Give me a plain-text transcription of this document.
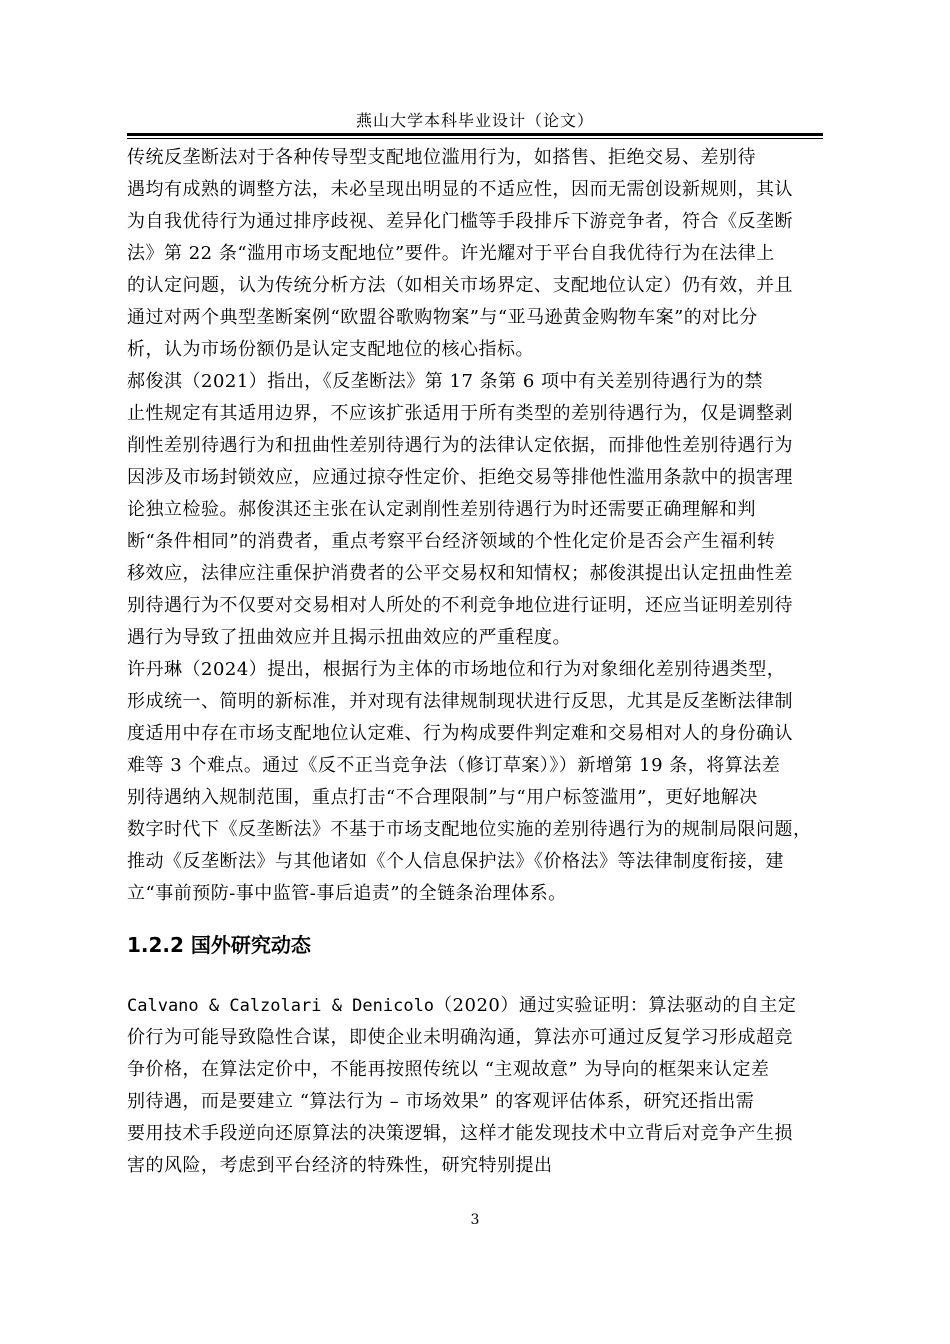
燕山大学本科毕业设计（论文）

传统反垄断法对于各种传导型支配地位滥用行为，如搭售、拒绝交易、差别待
遇均有成熟的调整方法，未必呈现出明显的不适应性，因而无需创设新规则，其认
为自我优待行为通过排序歧视、差异化门槛等手段排斥下游竞争者，符合《反垄断
法》第 22 条“滥用市场支配地位”要件。许光耀对于平台自我优待行为在法律上
的认定问题，认为传统分析方法（如相关市场界定、支配地位认定）仍有效，并且
通过对两个典型垄断案例“欧盟谷歌购物案”与“亚马逊黄金购物车案”的对比分
析，认为市场份额仍是认定支配地位的核心指标。

郝俊淇（2021）指出，《反垄断法》第 17 条第 6 项中有关差别待遇行为的禁
止性规定有其适用边界，不应该扩张适用于所有类型的差别待遇行为，仅是调整剥
削性差别待遇行为和扭曲性差别待遇行为的法律认定依据，而排他性差别待遇行为
因涉及市场封锁效应，应通过掠夺性定价、拒绝交易等排他性滥用条款中的损害理
论独立检验。郝俊淇还主张在认定剥削性差别待遇行为时还需要正确理解和判
断“条件相同”的消费者，重点考察平台经济领域的个性化定价是否会产生福利转
移效应，法律应注重保护消费者的公平交易权和知情权；郝俊淇提出认定扭曲性差
别待遇行为不仅要对交易相对人所处的不利竞争地位进行证明，还应当证明差别待
遇行为导致了扭曲效应并且揭示扭曲效应的严重程度。

许丹琳（2024）提出，根据行为主体的市场地位和行为对象细化差别待遇类型，
形成统一、简明的新标准，并对现有法律规制现状进行反思，尤其是反垄断法律制
度适用中存在市场支配地位认定难、行为构成要件判定难和交易相对人的身份确认
难等 3 个难点。通过《反不正当竞争法（修订草案）》）新增第 19 条，将算法差
别待遇纳入规制范围，重点打击“不合理限制”与“用户标签滥用”，更好地解决
数字时代下《反垄断法》不基于市场支配地位实施的差别待遇行为的规制局限问题，
推动《反垄断法》与其他诸如《个人信息保护法》《价格法》等法律制度衔接，建
立“事前预防-事中监管-事后追责”的全链条治理体系。

1.2.2 国外研究动态

Calvano & Calzolari & Denicolo（2020）通过实验证明：算法驱动的自主定
价行为可能导致隐性合谋，即使企业未明确沟通，算法亦可通过反复学习形成超竞
争价格，在算法定价中，不能再按照传统以 “主观故意” 为导向的框架来认定差
别待遇，而是要建立 “算法行为 – 市场效果” 的客观评估体系，研究还指出需
要用技术手段逆向还原算法的决策逻辑，这样才能发现技术中立背后对竞争产生损
害的风险，考虑到平台经济的特殊性，研究特别提出

3
